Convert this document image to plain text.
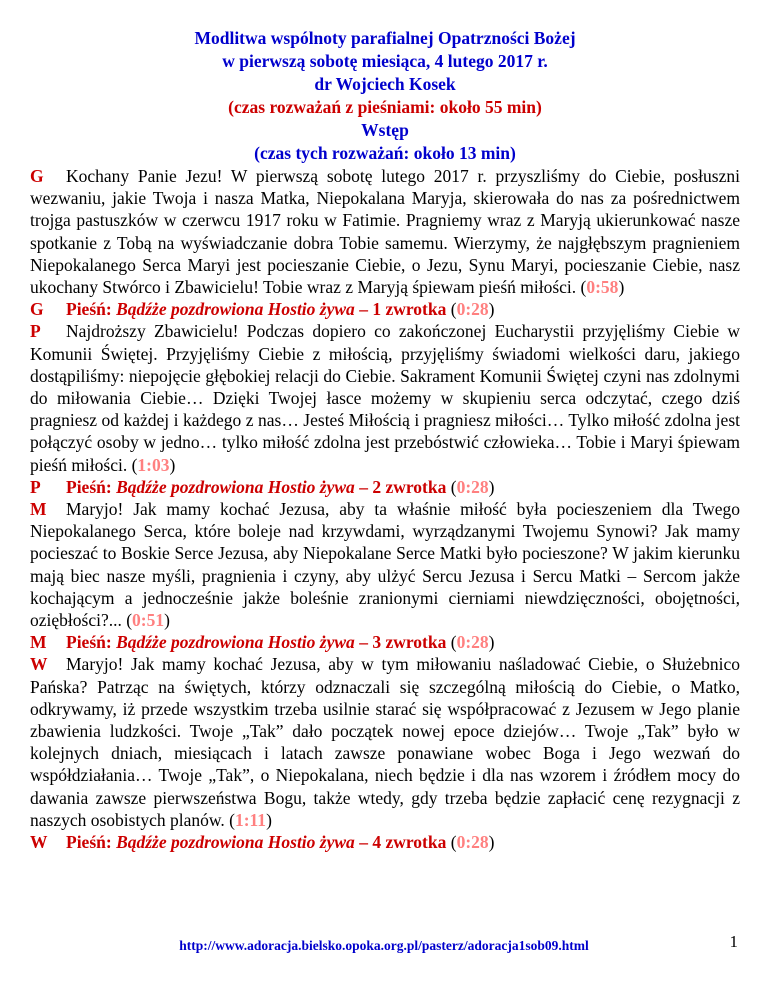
Modlitwa wspólnoty parafialnej Opatrzności Bożej
w pierwszą sobotę miesiąca, 4 lutego 2017 r.
dr Wojciech Kosek
(czas rozważań z pieśniami: około 55 min)
Wstęp
(czas tych rozważań: około 13 min)

G Kochany Panie Jezu! W pierwszą sobotę lutego 2017 r. przyszliśmy do Ciebie, posłuszni wezwaniu, jakie Twoja i nasza Matka, Niepokalana Maryja, skierowała do nas za pośrednictwem trojga pastuszków w czerwcu 1917 roku w Fatimie. Pragniemy wraz z Maryją ukierunkować nasze spotkanie z Tobą na wyświadczanie dobra Tobie samemu. Wierzymy, że najgłębszym pragnieniem Niepokalanego Serca Maryi jest pocieszanie Ciebie, o Jezu, Synu Maryi, pocieszanie Ciebie, nasz ukochany Stwórco i Zbawicielu! Tobie wraz z Maryją śpiewam pieśń miłości. (0:58)

G Pieśń: Bądźże pozdrowiona Hostio żywa – 1 zwrotka (0:28)

P Najdroższy Zbawicielu! Podczas dopiero co zakończonej Eucharystii przyjęliśmy Ciebie w Komunii Świętej. Przyjęliśmy Ciebie z miłością, przyjęliśmy świadomi wielkości daru, jakiego dostąpiliśmy: niepojęcie głębokiej relacji do Ciebie. Sakrament Komunii Świętej czyni nas zdolnymi do miłowania Ciebie… Dzięki Twojej łasce możemy w skupieniu serca odczytać, czego dziś pragniesz od każdej i każdego z nas… Jesteś Miłością i pragniesz miłości… Tylko miłość zdolna jest połączyć osoby w jedno… tylko miłość zdolna jest przebóstwić człowieka… Tobie i Maryi śpiewam pieśń miłości. (1:03)

P Pieśń: Bądźże pozdrowiona Hostio żywa – 2 zwrotka (0:28)

M Maryjo! Jak mamy kochać Jezusa, aby ta właśnie miłość była pocieszeniem dla Twego Niepokalanego Serca, które boleje nad krzywdami, wyrządzanymi Twojemu Synowi? Jak mamy pocieszać to Boskie Serce Jezusa, aby Niepokalane Serce Matki było pocieszone? W jakim kierunku mają biec nasze myśli, pragnienia i czyny, aby ulżyć Sercu Jezusa i Sercu Matki – Sercom jakże kochającym a jednocześnie jakże boleśnie zranionymi cierniami niewdzięczności, obojętności, oziębłości?... (0:51)

M Pieśń: Bądźże pozdrowiona Hostio żywa – 3 zwrotka (0:28)

W Maryjo! Jak mamy kochać Jezusa, aby w tym miłowaniu naśladować Ciebie, o Służebnico Pańska? Patrząc na świętych, którzy odznaczali się szczególną miłością do Ciebie, o Matko, odkrywamy, iż przede wszystkim trzeba usilnie starać się współpracować z Jezusem w Jego planie zbawienia ludzkości. Twoje „Tak” dało początek nowej epoce dziejów… Twoje „Tak” było w kolejnych dniach, miesiącach i latach zawsze ponawiane wobec Boga i Jego wezwań do współdziałania… Twoje „Tak”, o Niepokalana, niech będzie i dla nas wzorem i źródłem mocy do dawania zawsze pierwszeństwa Bogu, także wtedy, gdy trzeba będzie zapłacić cenę rezygnacji z naszych osobistych planów. (1:11)

W Pieśń: Bądźże pozdrowiona Hostio żywa – 4 zwrotka (0:28)

http://www.adoracja.bielsko.opoka.org.pl/pasterz/adoracja1sob09.html	1
